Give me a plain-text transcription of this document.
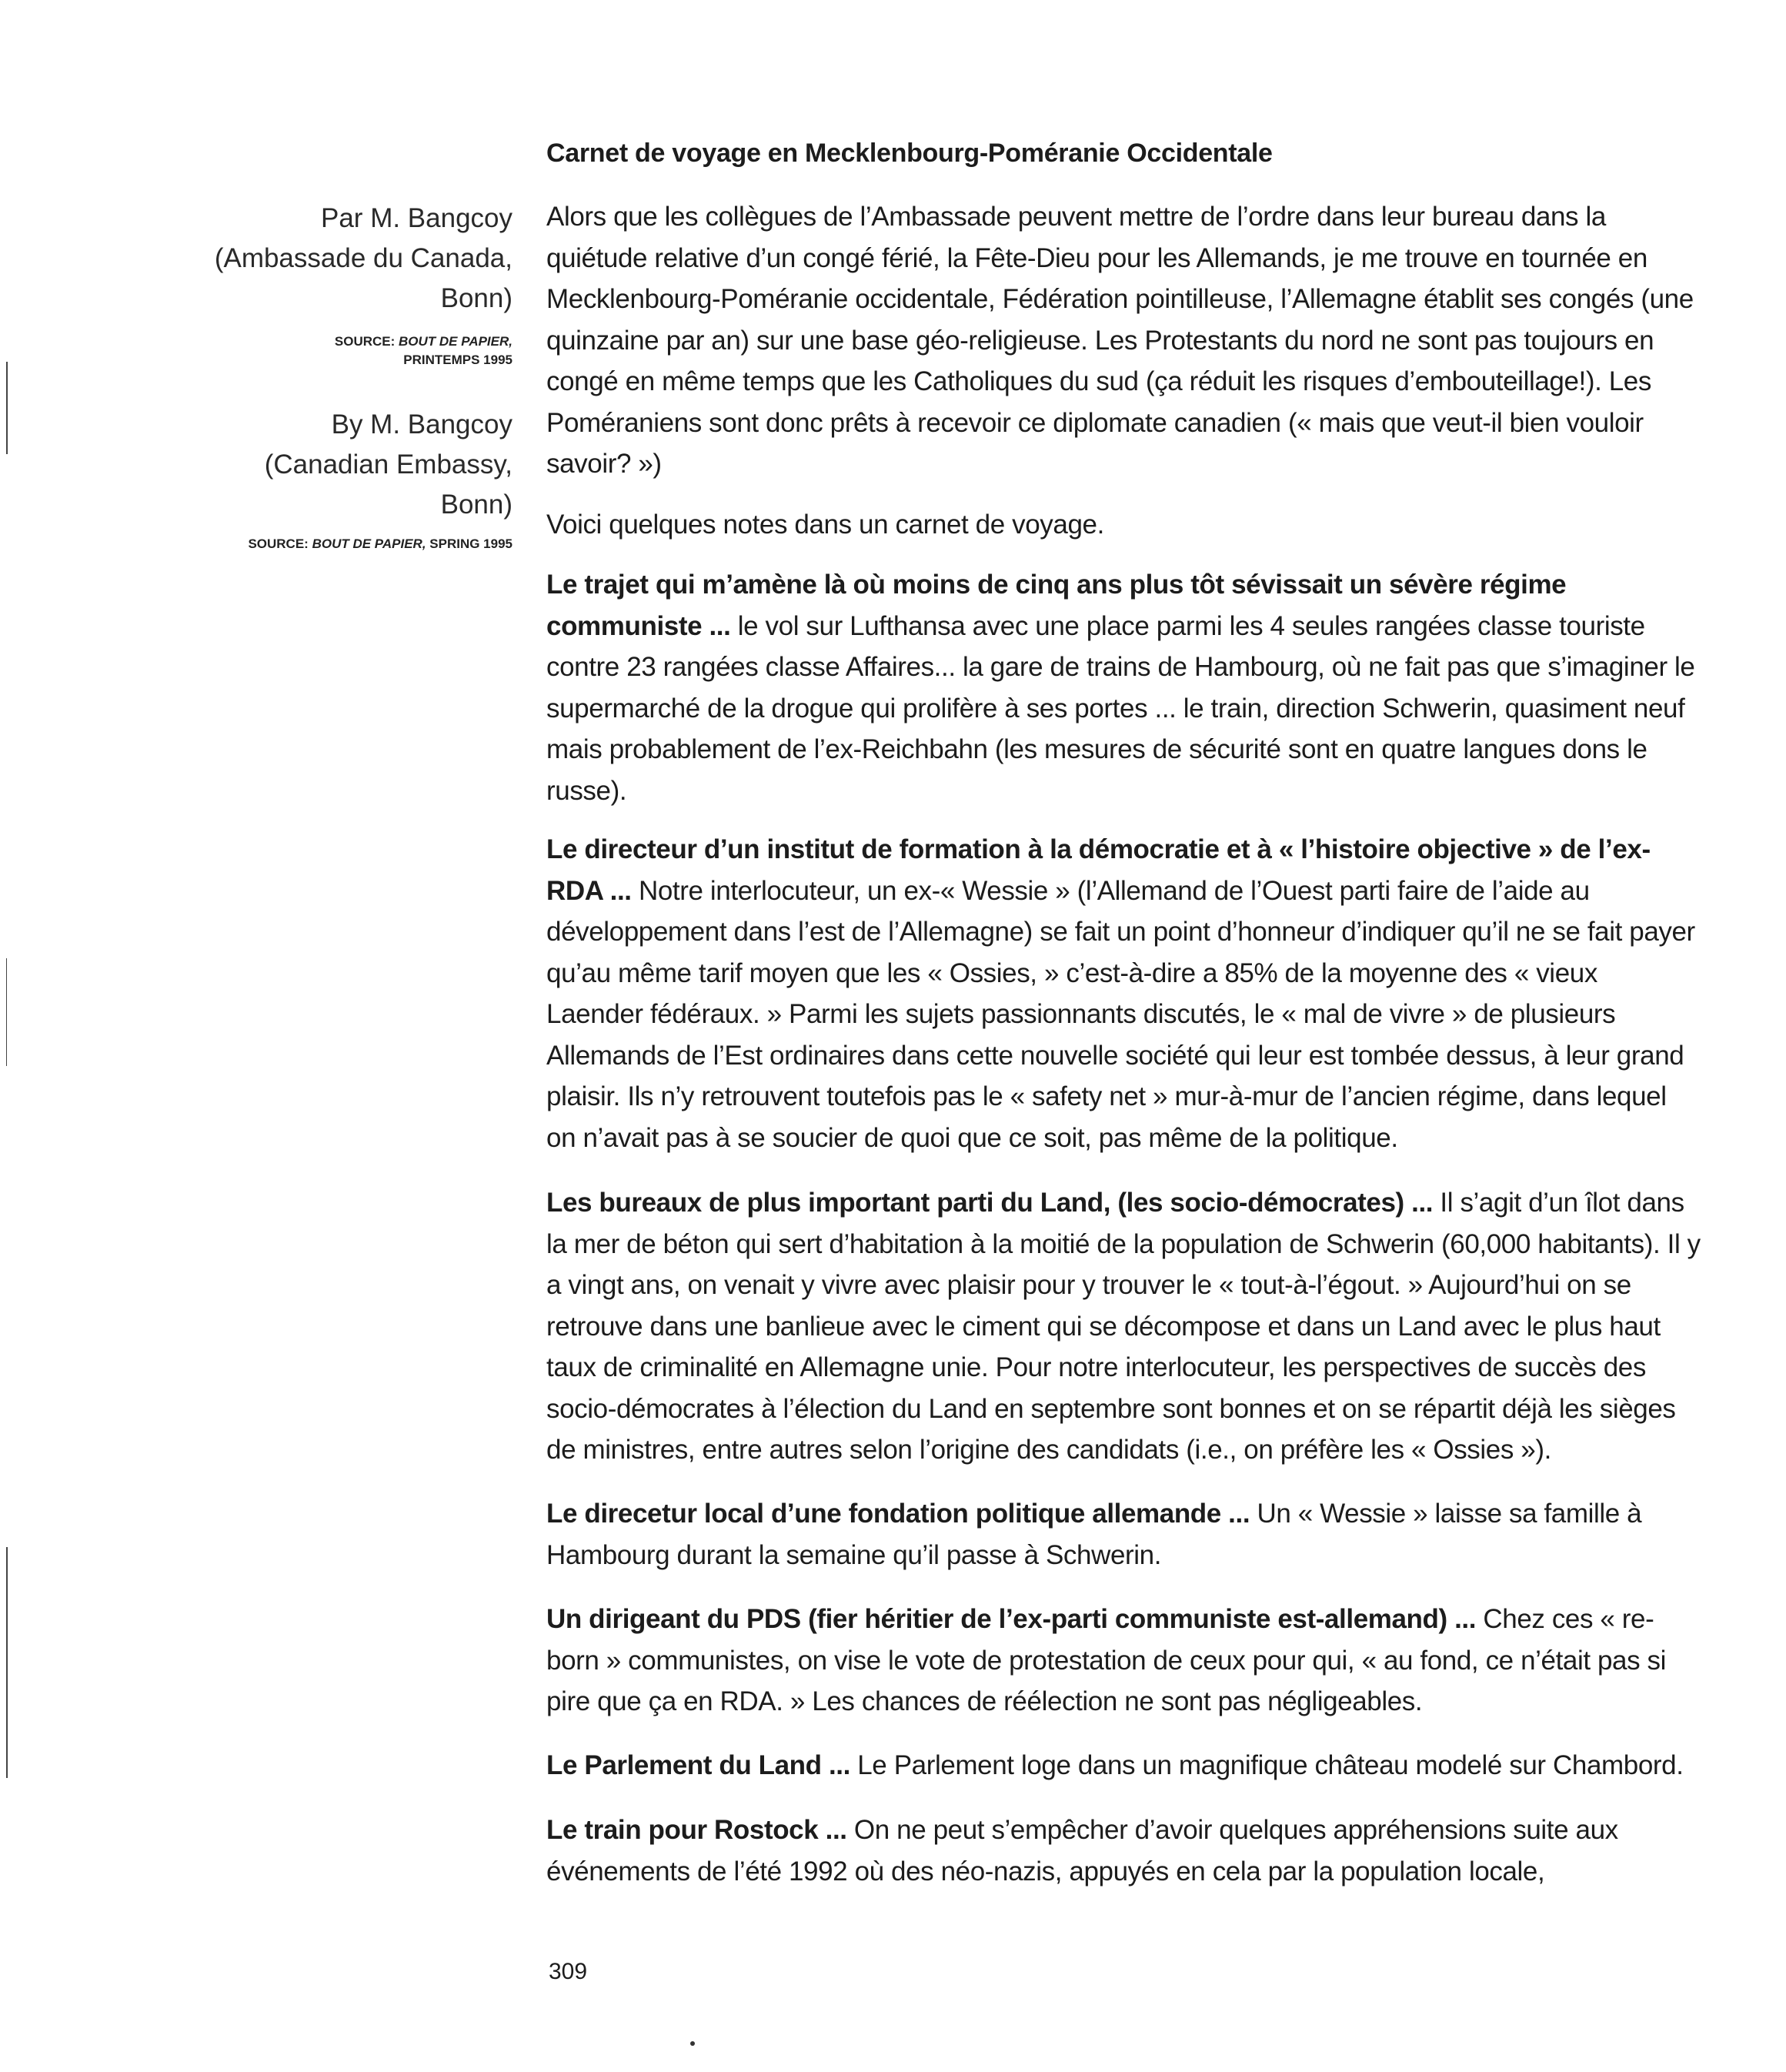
Carnet de voyage en Mecklenbourg-Poméranie Occidentale
Par M. Bangcoy
(Ambassade du Canada,
Bonn)
SOURCE: BOUT DE PAPIER,
PRINTEMPS 1995
By M. Bangcoy
(Canadian Embassy,
Bonn)
SOURCE: BOUT DE PAPIER, SPRING 1995

Alors que les collègues de l’Ambassade peuvent mettre de l’ordre dans leur bureau dans la quiétude relative d’un congé férié, la Fête-Dieu pour les Allemands, je me trouve en tournée en Mecklenbourg-Poméranie occidentale, Fédération pointilleuse, l’Allemagne établit ses congés (une quinzaine par an) sur une base géo-religieuse. Les Protestants du nord ne sont pas toujours en congé en même temps que les Catholiques du sud (ça réduit les risques d’embouteillage!). Les Poméraniens sont donc prêts à recevoir ce diplomate canadien (« mais que veut-il bien vouloir savoir? »)

Voici quelques notes dans un carnet de voyage.

Le trajet qui m’amène là où moins de cinq ans plus tôt sévissait un sévère régime communiste ... le vol sur Lufthansa avec une place parmi les 4 seules rangées classe touriste contre 23 rangées classe Affaires... la gare de trains de Hambourg, où ne fait pas que s’imaginer le supermarché de la drogue qui prolifère à ses portes ... le train, direction Schwerin, quasiment neuf mais probablement de l’ex-Reichbahn (les mesures de sécurité sont en quatre langues dons le russe).

Le directeur d’un institut de formation à la démocratie et à « l’histoire objective » de l’ex-RDA ... Notre interlocuteur, un ex-« Wessie » (l’Allemand de l’Ouest parti faire de l’aide au développement dans l’est de l’Allemagne) se fait un point d’honneur d’indiquer qu’il ne se fait payer qu’au même tarif moyen que les « Ossies, » c’est-à-dire a 85% de la moyenne des « vieux Laender fédéraux. » Parmi les sujets passionnants discutés, le « mal de vivre » de plusieurs Allemands de l’Est ordinaires dans cette nouvelle société qui leur est tombée dessus, à leur grand plaisir. Ils n’y retrouvent toutefois pas le « safety net » mur-à-mur de l’ancien régime, dans lequel on n’avait pas à se soucier de quoi que ce soit, pas même de la politique.

Les bureaux de plus important parti du Land, (les socio-démocrates) ... Il s’agit d’un îlot dans la mer de béton qui sert d’habitation à la moitié de la population de Schwerin (60,000 habitants). Il y a vingt ans, on venait y vivre avec plaisir pour y trouver le « tout-à-l’égout. » Aujourd’hui on se retrouve dans une banlieue avec le ciment qui se décompose et dans un Land avec le plus haut taux de criminalité en Allemagne unie. Pour notre interlocuteur, les perspectives de succès des socio-démocrates à l’élection du Land en septembre sont bonnes et on se répartit déjà les sièges de ministres, entre autres selon l’origine des candidats (i.e., on préfère les « Ossies »).

Le direcetur local d’une fondation politique allemande ... Un « Wessie » laisse sa famille à Hambourg durant la semaine qu’il passe à Schwerin.

Un dirigeant du PDS (fier héritier de l’ex-parti communiste est-allemand) ... Chez ces « re-born » communistes, on vise le vote de protestation de ceux pour qui, « au fond, ce n’était pas si pire que ça en RDA. » Les chances de réélection ne sont pas négligeables.

Le Parlement du Land ... Le Parlement loge dans un magnifique château modelé sur Chambord.

Le train pour Rostock ... On ne peut s’empêcher d’avoir quelques appréhensions suite aux événements de l’été 1992 où des néo-nazis, appuyés en cela par la population locale,

309
